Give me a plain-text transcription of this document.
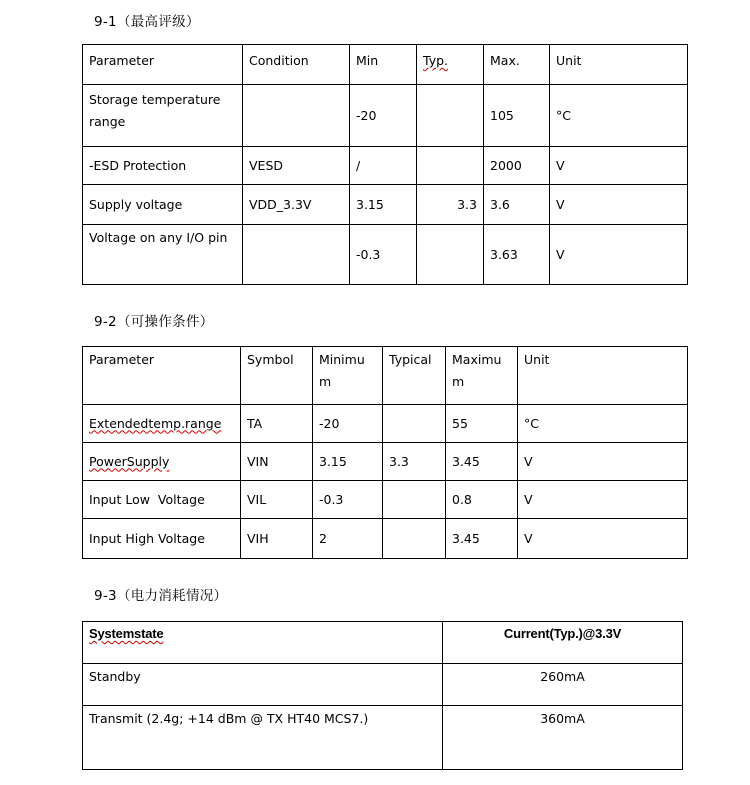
9-1（最高评级）
Parameter	Condition	Min	Typ.	Max.	Unit
Storage temperature range		-20		105	°C
-ESD Protection	VESD	/		2000	V
Supply voltage	VDD_3.3V	3.15	3.3	3.6	V
Voltage on any I/O pin		-0.3		3.63	V
9-2（可操作条件）
Parameter	Symbol	Minimum	Typical	Maximum	Unit
Extendedtemp.range	TA	-20		55	°C
PowerSupply	VIN	3.15	3.3	3.45	V
Input Low  Voltage	VIL	-0.3		0.8	V
Input High Voltage	VIH	2		3.45	V
9-3（电力消耗情况）
Systemstate	Current(Typ.)@3.3V
Standby	260mA
Transmit (2.4g; +14 dBm @ TX HT40 MCS7.)	360mA
